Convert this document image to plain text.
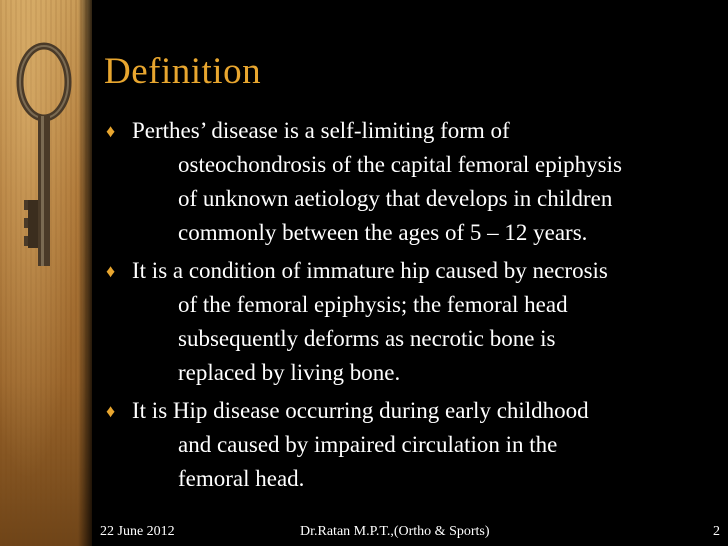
Definition
♦ Perthes’ disease is a self-limiting form of
osteochondrosis of the capital femoral epiphysis
of unknown aetiology that develops in children
commonly between the ages of 5 – 12 years.
♦ It is a condition of immature hip caused by necrosis
of the femoral epiphysis; the femoral head
subsequently deforms as necrotic bone is
replaced by living bone.
♦ It is Hip disease occurring during early childhood
and caused by impaired circulation in the
femoral head.
22 June 2012	Dr.Ratan M.P.T.,(Ortho & Sports)	2
